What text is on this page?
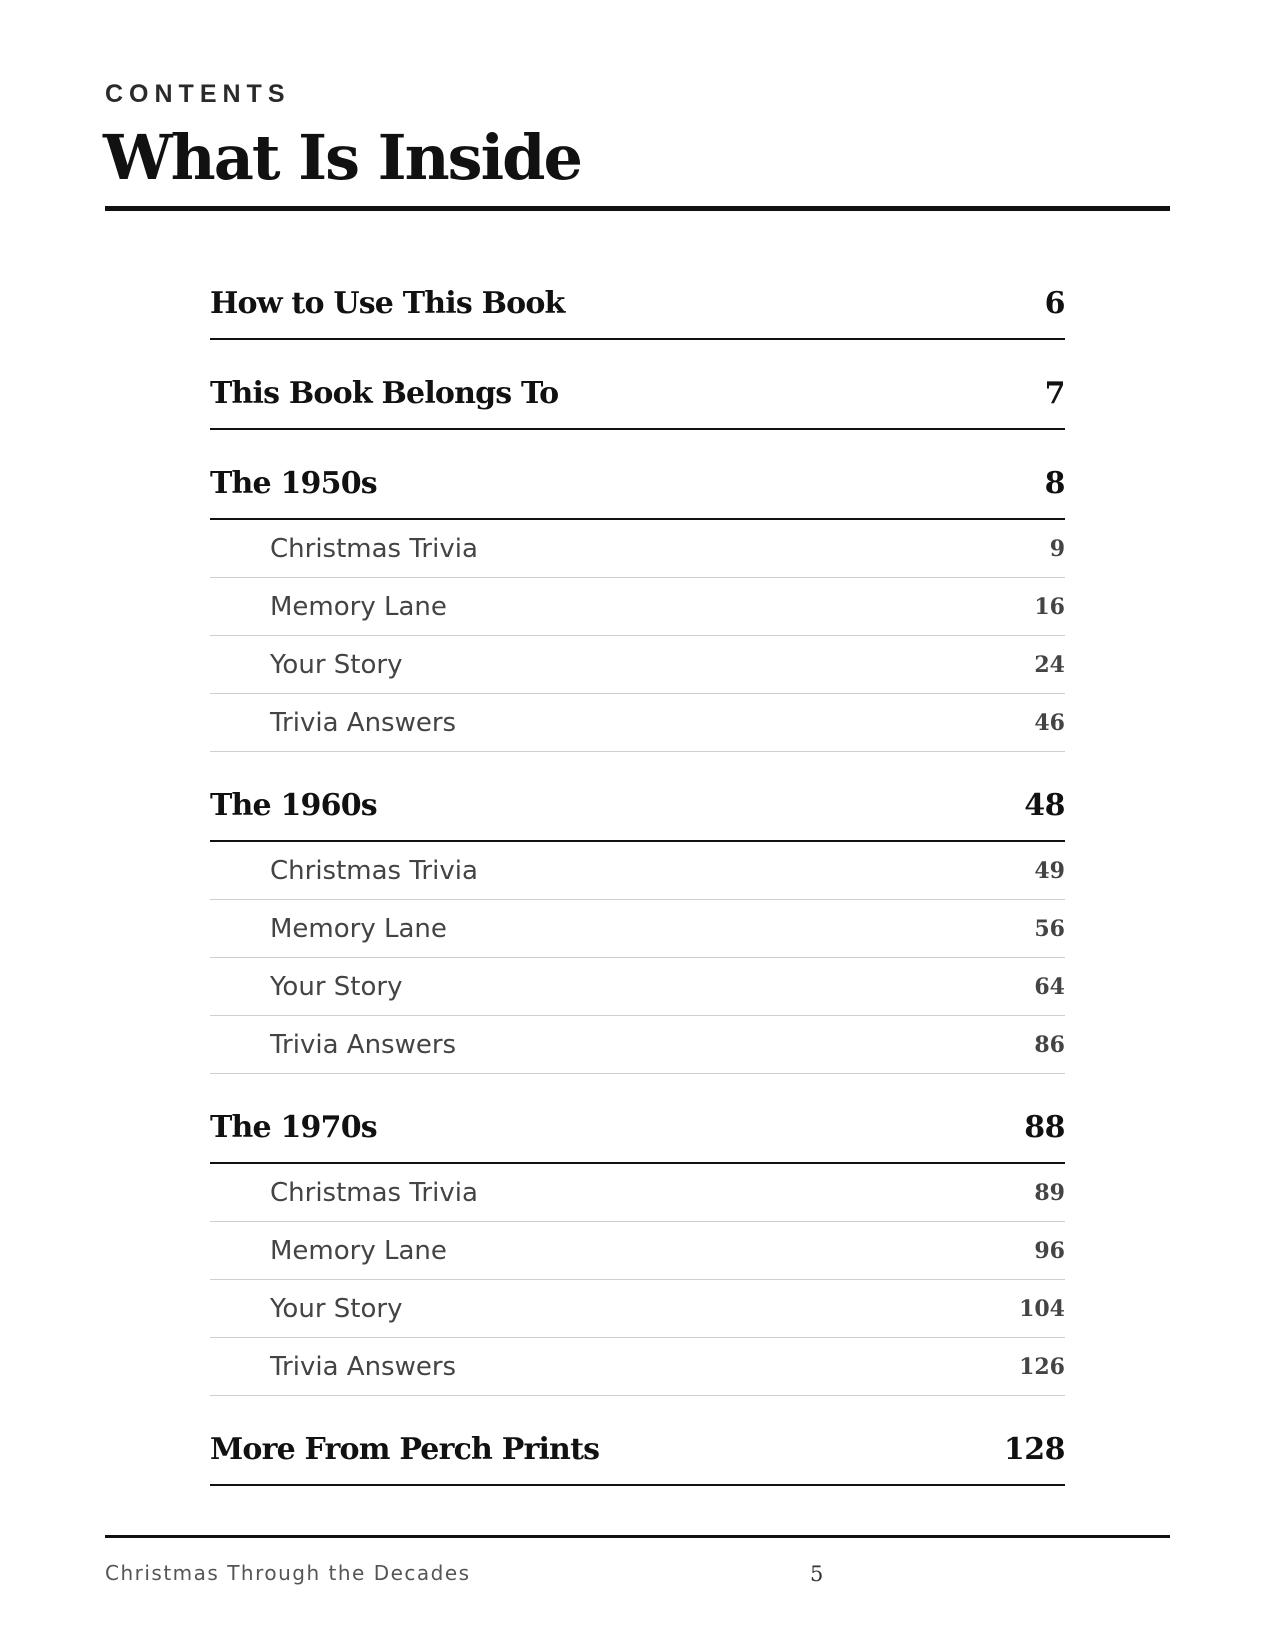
CONTENTS
What Is Inside
How to Use This Book	6
This Book Belongs To	7
The 1950s	8
Christmas Trivia	9
Memory Lane	16
Your Story	24
Trivia Answers	46
The 1960s	48
Christmas Trivia	49
Memory Lane	56
Your Story	64
Trivia Answers	86
The 1970s	88
Christmas Trivia	89
Memory Lane	96
Your Story	104
Trivia Answers	126
More From Perch Prints	128
Christmas Through the Decades	5
